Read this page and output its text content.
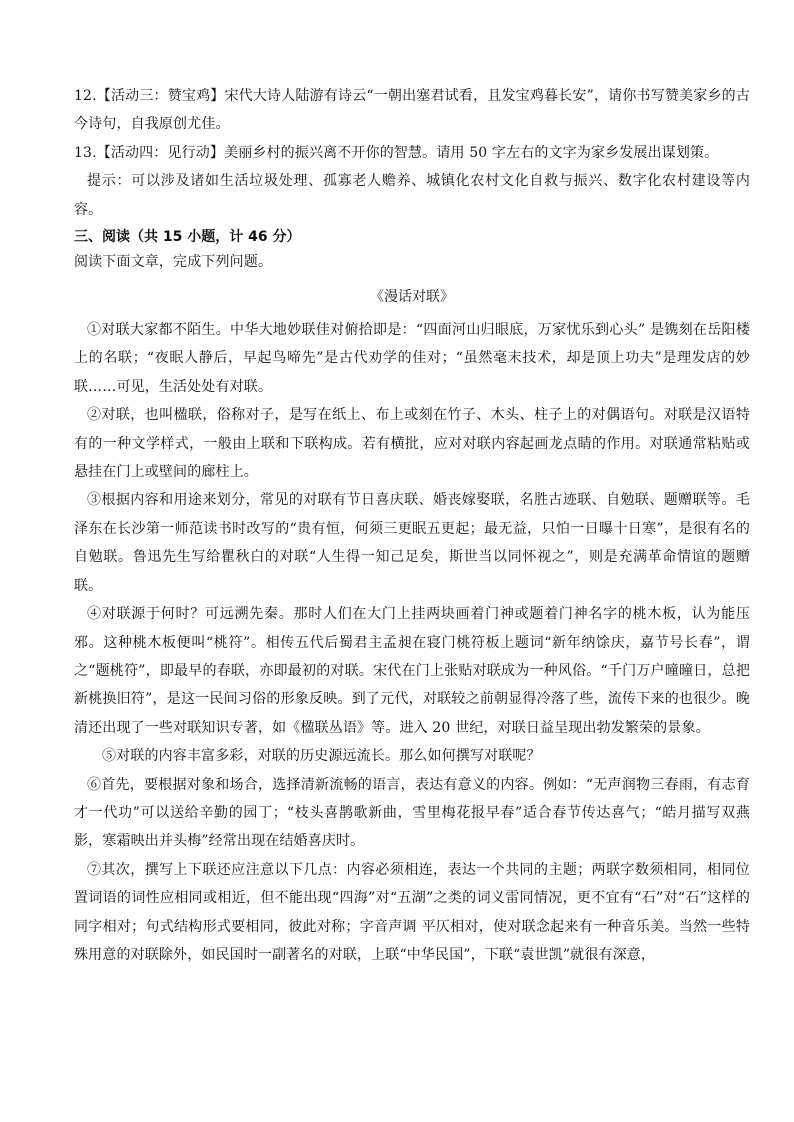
12.【活动三：赞宝鸡】宋代大诗人陆游有诗云“一朝出塞君试看，且发宝鸡暮长安”，请你书写赞美家乡的古今诗句，自我原创尤佳。

13.【活动四：见行动】美丽乡村的振兴离不开你的智慧。请用 50 字左右的文字为家乡发展出谋划策。

提示：可以涉及诸如生活垃圾处理、孤寡老人赡养、城镇化农村文化自救与振兴、数字化农村建设等内容。

三、阅读（共 15 小题，计 46 分）

阅读下面文章，完成下列问题。

《漫话对联》

①对联大家都不陌生。中华大地妙联佳对俯拾即是：“四面河山归眼底，万家忧乐到心头” 是镌刻在岳阳楼上的名联；“夜眠人静后，早起鸟啼先”是古代劝学的佳对；“虽然毫末技术，却是顶上功夫”是理发店的妙联……可见，生活处处有对联。

②对联，也叫楹联，俗称对子，是写在纸上、布上或刻在竹子、木头、柱子上的对偶语句。对联是汉语特有的一种文学样式，一般由上联和下联构成。若有横批，应对对联内容起画龙点睛的作用。对联通常粘贴或悬挂在门上或壁间的廊柱上。

③根据内容和用途来划分，常见的对联有节日喜庆联、婚丧嫁娶联，名胜古迹联、自勉联、题赠联等。毛泽东在长沙第一师范读书时改写的“贵有恒，何须三更眠五更起；最无益，只怕一日曝十日寒”，是很有名的自勉联。鲁迅先生写给瞿秋白的对联“人生得一知己足矣，斯世当以同怀视之”，则是充满革命情谊的题赠联。

④对联源于何时？可远溯先秦。那时人们在大门上挂两块画着门神或题着门神名字的桃木板，认为能压邪。这种桃木板便叫“桃符”。相传五代后蜀君主孟昶在寝门桃符板上题词“新年纳馀庆，嘉节号长春”，谓之“题桃符”，即最早的春联，亦即最初的对联。宋代在门上张贴对联成为一种风俗。“千门万户曈曈日，总把新桃换旧符”，是这一民间习俗的形象反映。到了元代，对联较之前朝显得冷落了些，流传下来的也很少。晚清还出现了一些对联知识专著，如《楹联丛语》等。进入 20 世纪，对联日益呈现出勃发繁荣的景象。

⑤对联的内容丰富多彩，对联的历史源远流长。那么如何撰写对联呢？

⑥首先，要根据对象和场合，选择清新流畅的语言，表达有意义的内容。例如：“无声润物三春雨，有志育才一代功”可以送给辛勤的园丁；“枝头喜鹊歌新曲，雪里梅花报早春”适合春节传达喜气；“皓月描写双燕影，寒霜映出并头梅”经常出现在结婚喜庆时。

⑦其次，撰写上下联还应注意以下几点：内容必须相连，表达一个共同的主题；两联字数须相同，相同位置词语的词性应相同或相近，但不能出现“四海”对“五湖”之类的词义雷同情况，更不宜有“石”对“石”这样的同字相对；句式结构形式要相同，彼此对称；字音声调 平仄相对，使对联念起来有一种音乐美。当然一些特殊用意的对联除外，如民国时一副著名的对联，上联“中华民国”，下联“袁世凯”就很有深意，
